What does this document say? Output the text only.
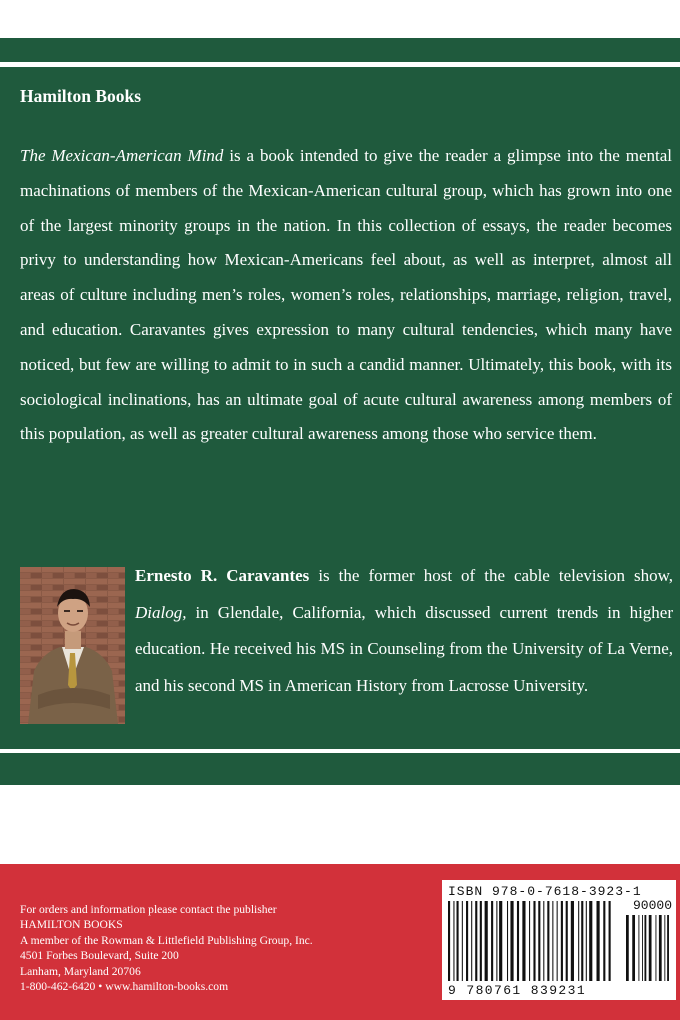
Hamilton Books
The Mexican-American Mind is a book intended to give the reader a glimpse into the mental machinations of members of the Mexican-American cultural group, which has grown into one of the largest minority groups in the nation. In this collection of essays, the reader becomes privy to understanding how Mexican-Americans feel about, as well as interpret, almost all areas of culture including men’s roles, women’s roles, relationships, marriage, religion, travel, and education. Caravantes gives expression to many cultural tendencies, which many have noticed, but few are willing to admit to in such a candid manner. Ultimately, this book, with its sociological inclinations, has an ultimate goal of acute cultural awareness among members of this population, as well as greater cultural awareness among those who service them.
Ernesto R. Caravantes is the former host of the cable television show, Dialog, in Glendale, California, which discussed current trends in higher education. He received his MS in Counseling from the University of La Verne, and his second MS in American History from Lacrosse University.
For orders and information please contact the publisher
HAMILTON BOOKS
A member of the Rowman & Littlefield Publishing Group, Inc.
4501 Forbes Boulevard, Suite 200
Lanham, Maryland 20706
1-800-462-6420 • www.hamilton-books.com
ISBN 978-0-7618-3923-1
90000
9 780761 839231
